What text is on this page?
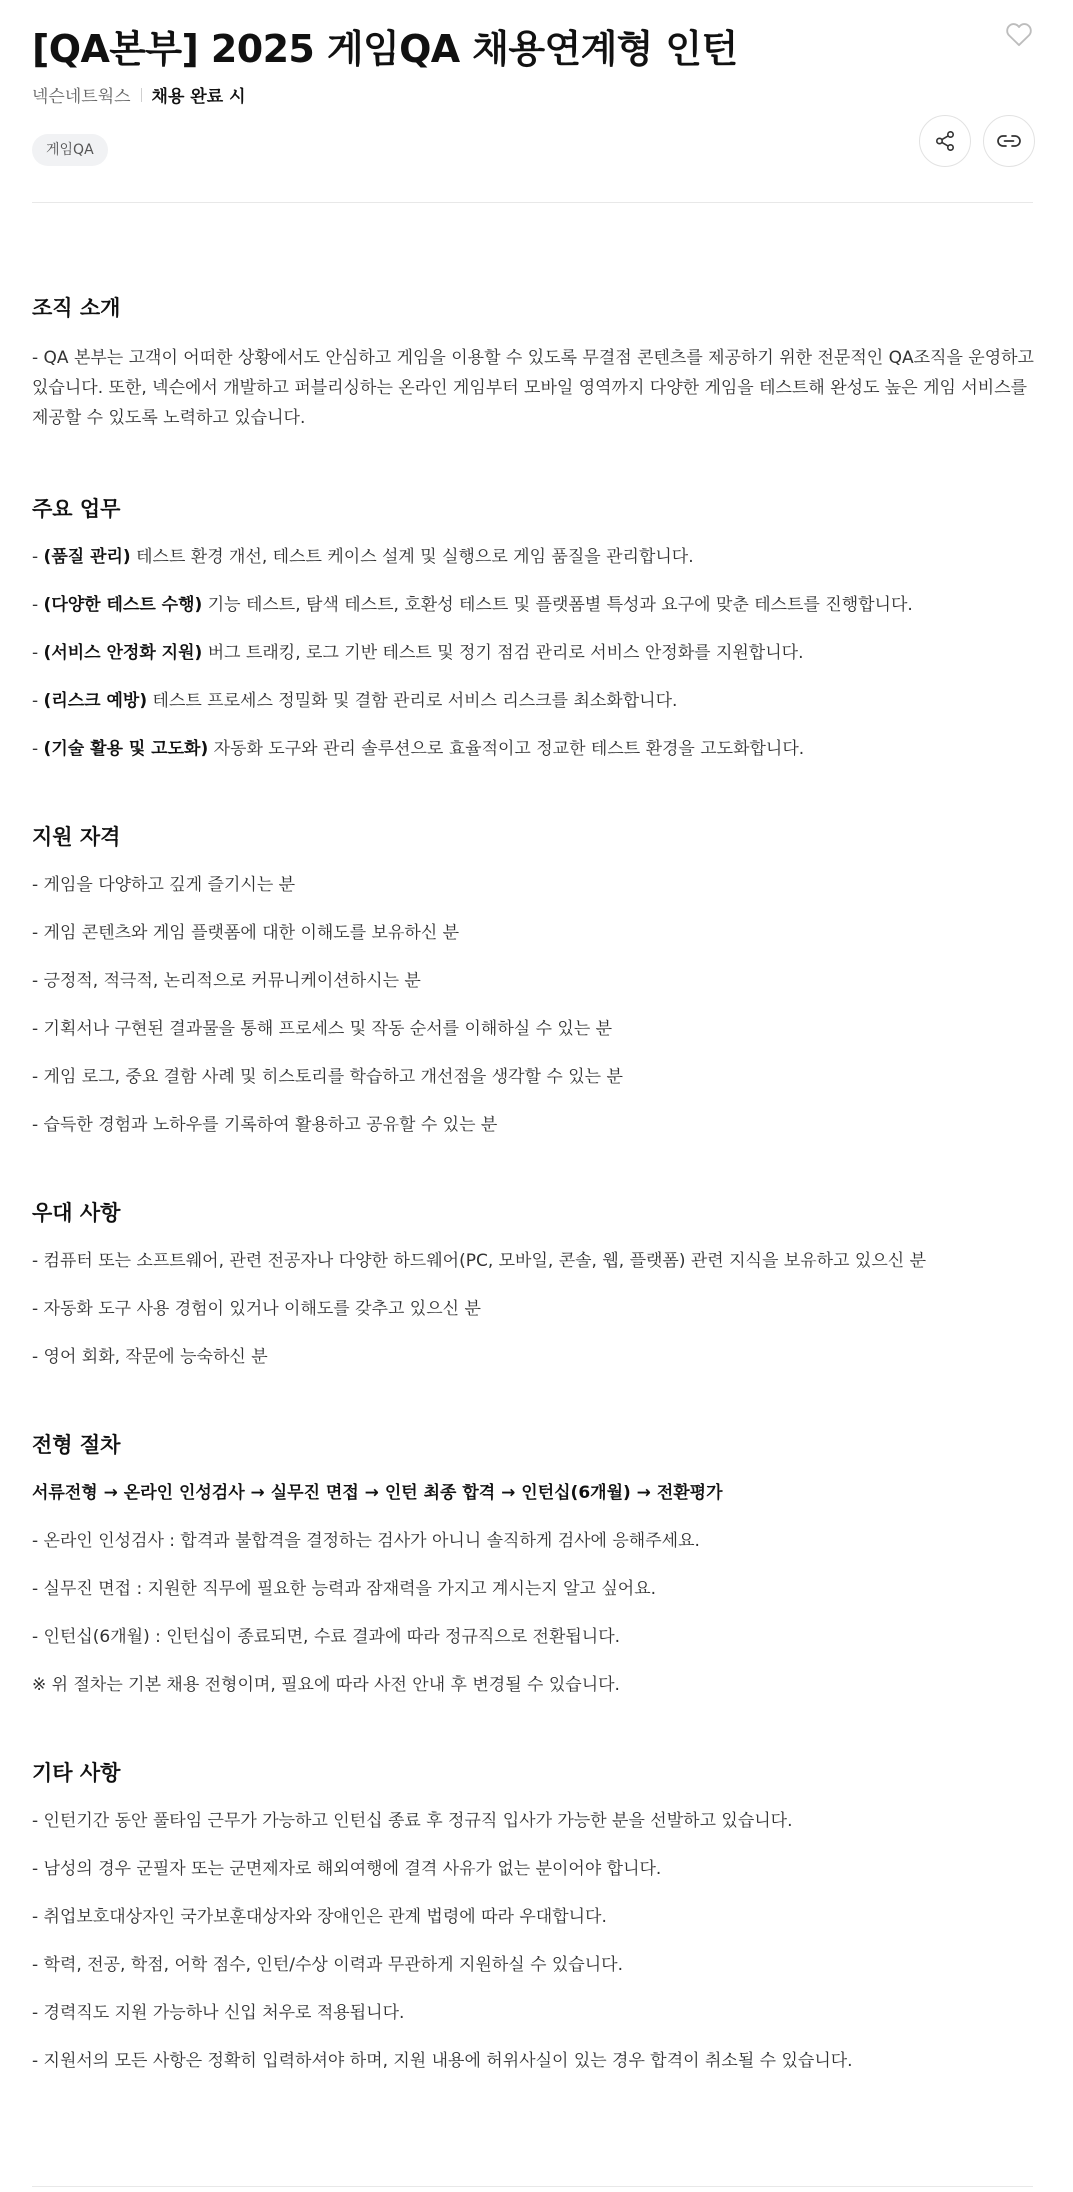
[QA본부] 2025 게임QA 채용연계형 인턴
넥슨네트웍스 채용 완료 시
게임QA
조직 소개

- QA 본부는 고객이 어떠한 상황에서도 안심하고 게임을 이용할 수 있도록 무결점 콘텐츠를 제공하기 위한 전문적인 QA조직을 운영하고 있습니다. 또한, 넥슨에서 개발하고 퍼블리싱하는 온라인 게임부터 모바일 영역까지 다양한 게임을 테스트해 완성도 높은 게임 서비스를 제공할 수 있도록 노력하고 있습니다.

주요 업무

- (품질 관리) 테스트 환경 개선, 테스트 케이스 설계 및 실행으로 게임 품질을 관리합니다.

- (다양한 테스트 수행) 기능 테스트, 탐색 테스트, 호환성 테스트 및 플랫폼별 특성과 요구에 맞춘 테스트를 진행합니다.

- (서비스 안정화 지원) 버그 트래킹, 로그 기반 테스트 및 정기 점검 관리로 서비스 안정화를 지원합니다.

- (리스크 예방) 테스트 프로세스 정밀화 및 결함 관리로 서비스 리스크를 최소화합니다.

- (기술 활용 및 고도화) 자동화 도구와 관리 솔루션으로 효율적이고 정교한 테스트 환경을 고도화합니다.

지원 자격

- 게임을 다양하고 깊게 즐기시는 분

- 게임 콘텐츠와 게임 플랫폼에 대한 이해도를 보유하신 분

- 긍정적, 적극적, 논리적으로 커뮤니케이션하시는 분

- 기획서나 구현된 결과물을 통해 프로세스 및 작동 순서를 이해하실 수 있는 분

- 게임 로그, 중요 결함 사례 및 히스토리를 학습하고 개선점을 생각할 수 있는 분

- 습득한 경험과 노하우를 기록하여 활용하고 공유할 수 있는 분

우대 사항

- 컴퓨터 또는 소프트웨어, 관련 전공자나 다양한 하드웨어(PC, 모바일, 콘솔, 웹, 플랫폼) 관련 지식을 보유하고 있으신 분

- 자동화 도구 사용 경험이 있거나 이해도를 갖추고 있으신 분

- 영어 회화, 작문에 능숙하신 분

전형 절차

서류전형 → 온라인 인성검사 → 실무진 면접 → 인턴 최종 합격 → 인턴십(6개월) → 전환평가

- 온라인 인성검사 : 합격과 불합격을 결정하는 검사가 아니니 솔직하게 검사에 응해주세요.

- 실무진 면접 : 지원한 직무에 필요한 능력과 잠재력을 가지고 계시는지 알고 싶어요.

- 인턴십(6개월) : 인턴십이 종료되면, 수료 결과에 따라 정규직으로 전환됩니다.

※ 위 절차는 기본 채용 전형이며, 필요에 따라 사전 안내 후 변경될 수 있습니다.

기타 사항

- 인턴기간 동안 풀타임 근무가 가능하고 인턴십 종료 후 정규직 입사가 가능한 분을 선발하고 있습니다.

- 남성의 경우 군필자 또는 군면제자로 해외여행에 결격 사유가 없는 분이어야 합니다.

- 취업보호대상자인 국가보훈대상자와 장애인은 관계 법령에 따라 우대합니다.

- 학력, 전공, 학점, 어학 점수, 인턴/수상 이력과 무관하게 지원하실 수 있습니다.

- 경력직도 지원 가능하나 신입 처우로 적용됩니다.

- 지원서의 모든 사항은 정확히 입력하셔야 하며, 지원 내용에 허위사실이 있는 경우 합격이 취소될 수 있습니다.
